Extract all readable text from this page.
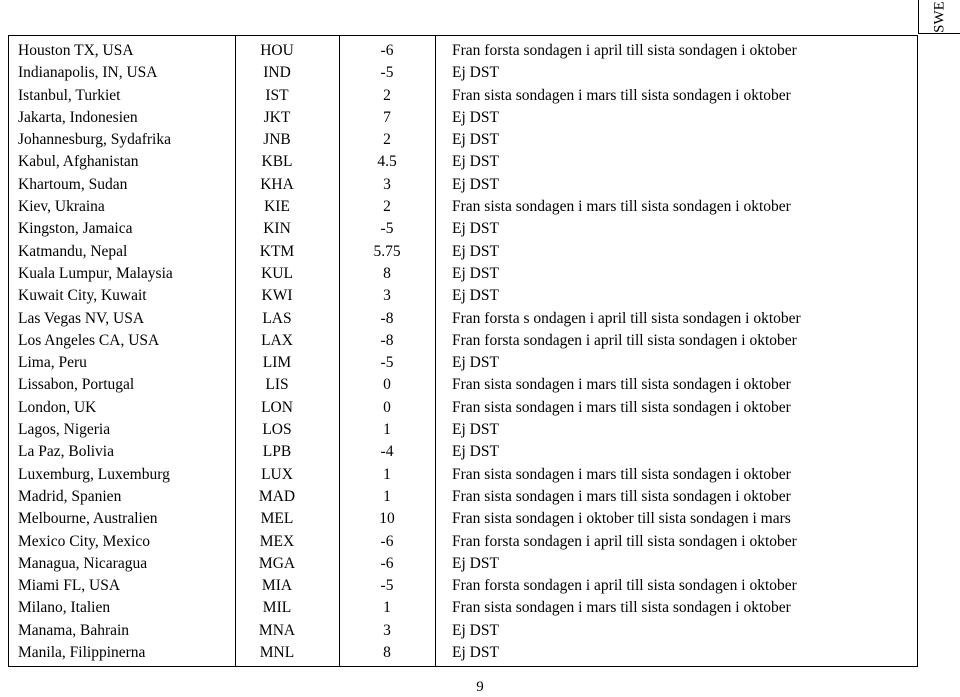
SWE
Houston TX, USA	HOU	-6	Fran forsta sondagen i april till sista sondagen i oktober
Indianapolis, IN, USA	IND	-5	Ej DST
Istanbul, Turkiet	IST	2	Fran sista sondagen i mars till sista sondagen i oktober
Jakarta, Indonesien	JKT	7	Ej DST
Johannesburg, Sydafrika	JNB	2	Ej DST
Kabul, Afghanistan	KBL	4.5	Ej DST
Khartoum, Sudan	KHA	3	Ej DST
Kiev, Ukraina	KIE	2	Fran sista sondagen i mars till sista sondagen i oktober
Kingston, Jamaica	KIN	-5	Ej DST
Katmandu, Nepal	KTM	5.75	Ej DST
Kuala Lumpur, Malaysia	KUL	8	Ej DST
Kuwait City, Kuwait	KWI	3	Ej DST
Las Vegas NV, USA	LAS	-8	Fran forsta s ondagen i april till sista sondagen i oktober
Los Angeles CA, USA	LAX	-8	Fran forsta sondagen i april till sista sondagen i oktober
Lima, Peru	LIM	-5	Ej DST
Lissabon, Portugal	LIS	0	Fran sista sondagen i mars till sista sondagen i oktober
London, UK	LON	0	Fran sista sondagen i mars till sista sondagen i oktober
Lagos, Nigeria	LOS	1	Ej DST
La Paz, Bolivia	LPB	-4	Ej DST
Luxemburg, Luxemburg	LUX	1	Fran sista sondagen i mars till sista sondagen i oktober
Madrid, Spanien	MAD	1	Fran sista sondagen i mars till sista sondagen i oktober
Melbourne, Australien	MEL	10	Fran sista sondagen i oktober till sista sondagen i mars
Mexico City, Mexico	MEX	-6	Fran forsta sondagen i april till sista sondagen i oktober
Managua, Nicaragua	MGA	-6	Ej DST
Miami FL, USA	MIA	-5	Fran forsta sondagen i april till sista sondagen i oktober
Milano, Italien	MIL	1	Fran sista sondagen i mars till sista sondagen i oktober
Manama, Bahrain	MNA	3	Ej DST
Manila, Filippinerna	MNL	8	Ej DST
9
